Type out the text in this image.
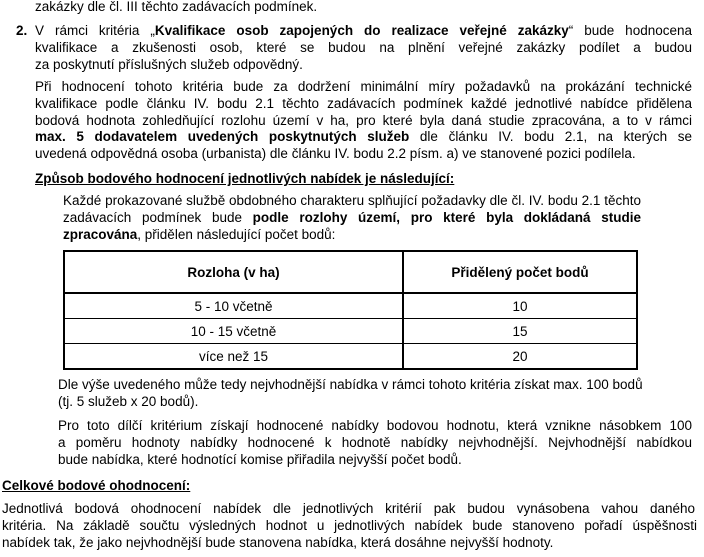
zakázky dle čl. III těchto zadávacích podmínek.
2. V rámci kritéria „Kvalifikace osob zapojených do realizace veřejné zakázky“ bude hodnocena
kvalifikace a zkušenosti osob, které se budou na plnění veřejné zakázky podílet a budou
za poskytnutí příslušných služeb odpovědný.
Při hodnocení tohoto kritéria bude za dodržení minimální míry požadavků na prokázání technické
kvalifikace podle článku IV. bodu 2.1 těchto zadávacích podmínek každé jednotlivé nabídce přidělena
bodová hodnota zohledňující rozlohu území v ha, pro které byla daná studie zpracována, a to v rámci
max. 5 dodavatelem uvedených poskytnutých služeb dle článku IV. bodu 2.1, na kterých se
uvedená odpovědná osoba (urbanista) dle článku IV. bodu 2.2 písm. a) ve stanovené pozici podílela.
Způsob bodového hodnocení jednotlivých nabídek je následující:
Každé prokazované službě obdobného charakteru splňující požadavky dle čl. IV. bodu 2.1 těchto
zadávacích podmínek bude podle rozlohy území, pro které byla dokládaná studie
zpracována, přidělen následující počet bodů:
Rozloha (v ha)	Přidělený počet bodů
5 - 10 včetně	10
10 - 15 včetně	15
více než 15	20
Dle výše uvedeného může tedy nejvhodnější nabídka v rámci tohoto kritéria získat max. 100 bodů
(tj. 5 služeb x 20 bodů).
Pro toto dílčí kritérium získají hodnocené nabídky bodovou hodnotu, která vznikne násobkem 100
a poměru hodnoty nabídky hodnocené k hodnotě nabídky nejvhodnější. Nejvhodnější nabídkou
bude nabídka, které hodnotící komise přiřadila nejvyšší počet bodů.
Celkové bodové ohodnocení:
Jednotlivá bodová ohodnocení nabídek dle jednotlivých kritérií pak budou vynásobena vahou daného
kritéria. Na základě součtu výsledných hodnot u jednotlivých nabídek bude stanoveno pořadí úspěšnosti
nabídek tak, že jako nejvhodnější bude stanovena nabídka, která dosáhne nejvyšší hodnoty.
